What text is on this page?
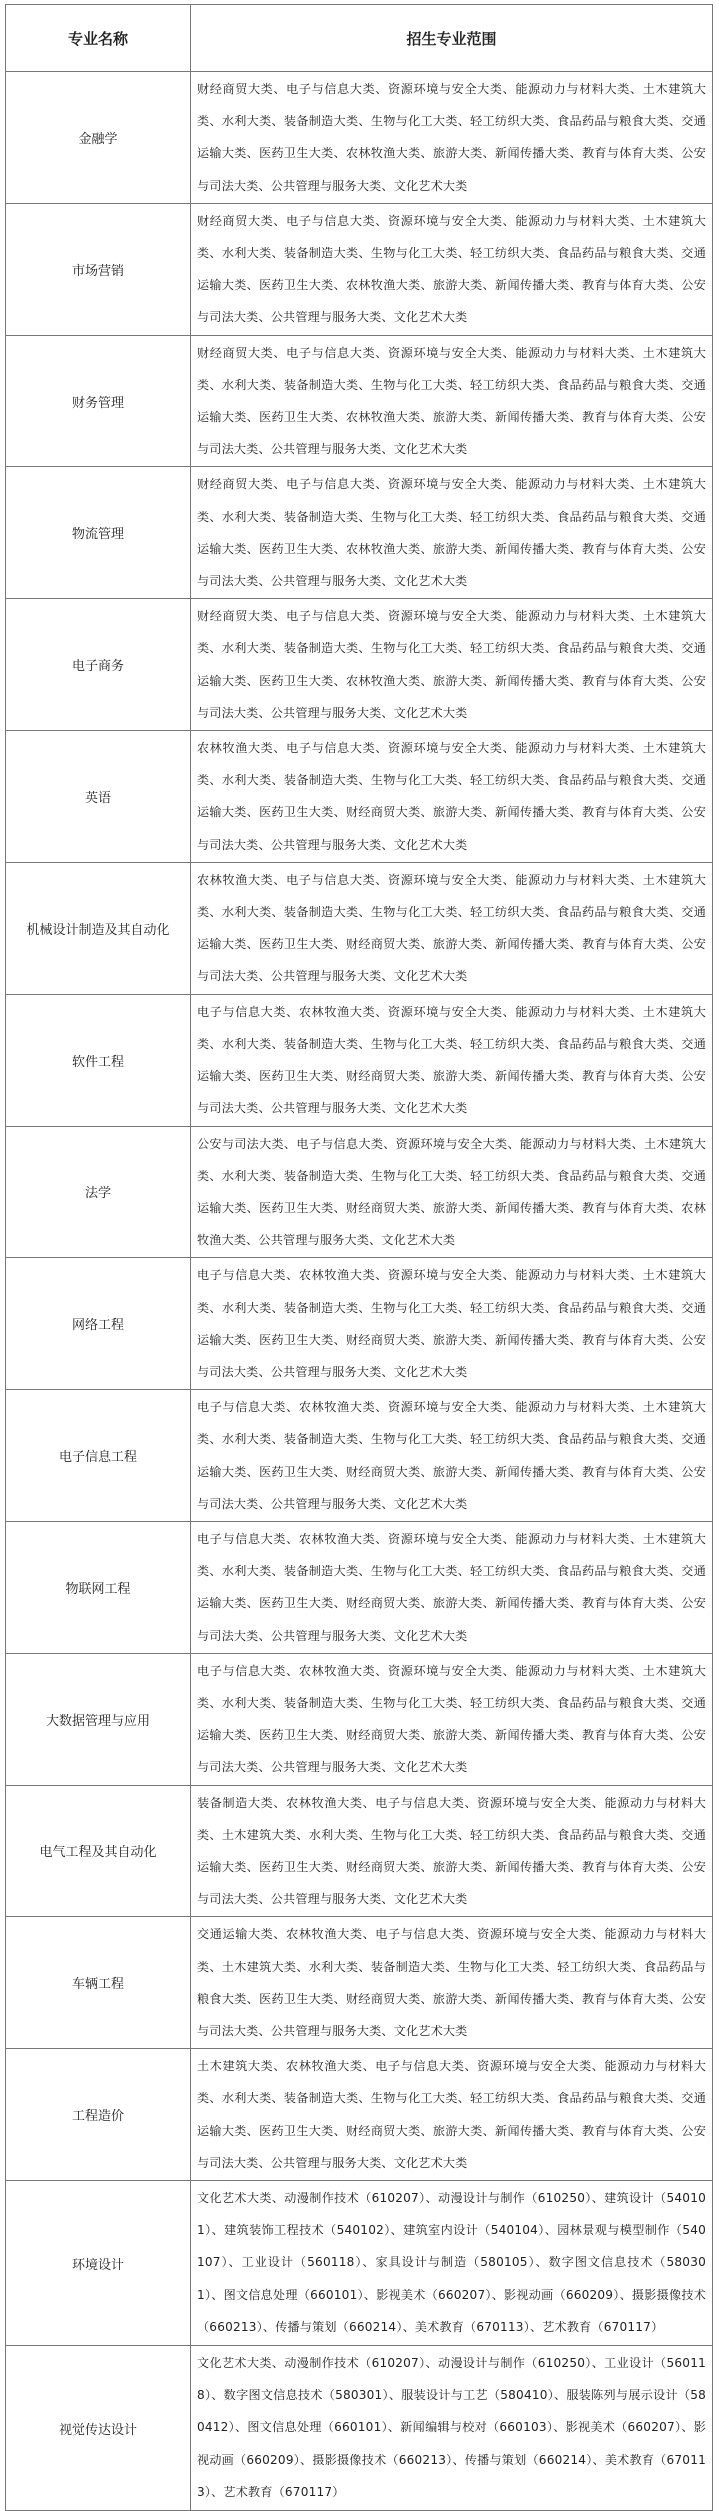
专业名称	招生专业范围
金融学	财经商贸大类、电子与信息大类、资源环境与安全大类、能源动力与材料大类、土木建筑大类、水利大类、装备制造大类、生物与化工大类、轻工纺织大类、食品药品与粮食大类、交通运输大类、医药卫生大类、农林牧渔大类、旅游大类、新闻传播大类、教育与体育大类、公安与司法大类、公共管理与服务大类、文化艺术大类
市场营销	财经商贸大类、电子与信息大类、资源环境与安全大类、能源动力与材料大类、土木建筑大类、水利大类、装备制造大类、生物与化工大类、轻工纺织大类、食品药品与粮食大类、交通运输大类、医药卫生大类、农林牧渔大类、旅游大类、新闻传播大类、教育与体育大类、公安与司法大类、公共管理与服务大类、文化艺术大类
财务管理	财经商贸大类、电子与信息大类、资源环境与安全大类、能源动力与材料大类、土木建筑大类、水利大类、装备制造大类、生物与化工大类、轻工纺织大类、食品药品与粮食大类、交通运输大类、医药卫生大类、农林牧渔大类、旅游大类、新闻传播大类、教育与体育大类、公安与司法大类、公共管理与服务大类、文化艺术大类
物流管理	财经商贸大类、电子与信息大类、资源环境与安全大类、能源动力与材料大类、土木建筑大类、水利大类、装备制造大类、生物与化工大类、轻工纺织大类、食品药品与粮食大类、交通运输大类、医药卫生大类、农林牧渔大类、旅游大类、新闻传播大类、教育与体育大类、公安与司法大类、公共管理与服务大类、文化艺术大类
电子商务	财经商贸大类、电子与信息大类、资源环境与安全大类、能源动力与材料大类、土木建筑大类、水利大类、装备制造大类、生物与化工大类、轻工纺织大类、食品药品与粮食大类、交通运输大类、医药卫生大类、农林牧渔大类、旅游大类、新闻传播大类、教育与体育大类、公安与司法大类、公共管理与服务大类、文化艺术大类
英语	农林牧渔大类、电子与信息大类、资源环境与安全大类、能源动力与材料大类、土木建筑大类、水利大类、装备制造大类、生物与化工大类、轻工纺织大类、食品药品与粮食大类、交通运输大类、医药卫生大类、财经商贸大类、旅游大类、新闻传播大类、教育与体育大类、公安与司法大类、公共管理与服务大类、文化艺术大类
机械设计制造及其自动化	农林牧渔大类、电子与信息大类、资源环境与安全大类、能源动力与材料大类、土木建筑大类、水利大类、装备制造大类、生物与化工大类、轻工纺织大类、食品药品与粮食大类、交通运输大类、医药卫生大类、财经商贸大类、旅游大类、新闻传播大类、教育与体育大类、公安与司法大类、公共管理与服务大类、文化艺术大类
软件工程	电子与信息大类、农林牧渔大类、资源环境与安全大类、能源动力与材料大类、土木建筑大类、水利大类、装备制造大类、生物与化工大类、轻工纺织大类、食品药品与粮食大类、交通运输大类、医药卫生大类、财经商贸大类、旅游大类、新闻传播大类、教育与体育大类、公安与司法大类、公共管理与服务大类、文化艺术大类
法学	公安与司法大类、电子与信息大类、资源环境与安全大类、能源动力与材料大类、土木建筑大类、水利大类、装备制造大类、生物与化工大类、轻工纺织大类、食品药品与粮食大类、交通运输大类、医药卫生大类、财经商贸大类、旅游大类、新闻传播大类、教育与体育大类、农林牧渔大类、公共管理与服务大类、文化艺术大类
网络工程	电子与信息大类、农林牧渔大类、资源环境与安全大类、能源动力与材料大类、土木建筑大类、水利大类、装备制造大类、生物与化工大类、轻工纺织大类、食品药品与粮食大类、交通运输大类、医药卫生大类、财经商贸大类、旅游大类、新闻传播大类、教育与体育大类、公安与司法大类、公共管理与服务大类、文化艺术大类
电子信息工程	电子与信息大类、农林牧渔大类、资源环境与安全大类、能源动力与材料大类、土木建筑大类、水利大类、装备制造大类、生物与化工大类、轻工纺织大类、食品药品与粮食大类、交通运输大类、医药卫生大类、财经商贸大类、旅游大类、新闻传播大类、教育与体育大类、公安与司法大类、公共管理与服务大类、文化艺术大类
物联网工程	电子与信息大类、农林牧渔大类、资源环境与安全大类、能源动力与材料大类、土木建筑大类、水利大类、装备制造大类、生物与化工大类、轻工纺织大类、食品药品与粮食大类、交通运输大类、医药卫生大类、财经商贸大类、旅游大类、新闻传播大类、教育与体育大类、公安与司法大类、公共管理与服务大类、文化艺术大类
大数据管理与应用	电子与信息大类、农林牧渔大类、资源环境与安全大类、能源动力与材料大类、土木建筑大类、水利大类、装备制造大类、生物与化工大类、轻工纺织大类、食品药品与粮食大类、交通运输大类、医药卫生大类、财经商贸大类、旅游大类、新闻传播大类、教育与体育大类、公安与司法大类、公共管理与服务大类、文化艺术大类
电气工程及其自动化	装备制造大类、农林牧渔大类、电子与信息大类、资源环境与安全大类、能源动力与材料大类、土木建筑大类、水利大类、生物与化工大类、轻工纺织大类、食品药品与粮食大类、交通运输大类、医药卫生大类、财经商贸大类、旅游大类、新闻传播大类、教育与体育大类、公安与司法大类、公共管理与服务大类、文化艺术大类
车辆工程	交通运输大类、农林牧渔大类、电子与信息大类、资源环境与安全大类、能源动力与材料大类、土木建筑大类、水利大类、装备制造大类、生物与化工大类、轻工纺织大类、食品药品与粮食大类、医药卫生大类、财经商贸大类、旅游大类、新闻传播大类、教育与体育大类、公安与司法大类、公共管理与服务大类、文化艺术大类
工程造价	土木建筑大类、农林牧渔大类、电子与信息大类、资源环境与安全大类、能源动力与材料大类、水利大类、装备制造大类、生物与化工大类、轻工纺织大类、食品药品与粮食大类、交通运输大类、医药卫生大类、财经商贸大类、旅游大类、新闻传播大类、教育与体育大类、公安与司法大类、公共管理与服务大类、文化艺术大类
环境设计	文化艺术大类、动漫制作技术（610207）、动漫设计与制作（610250）、建筑设计（540101）、建筑装饰工程技术（540102）、建筑室内设计（540104）、园林景观与模型制作（540107）、工业设计（560118）、家具设计与制造（580105）、数字图文信息技术（580301）、图文信息处理（660101）、影视美术（660207）、影视动画（660209）、摄影摄像技术（660213）、传播与策划（660214）、美术教育（670113）、艺术教育（670117）
视觉传达设计	文化艺术大类、动漫制作技术（610207）、动漫设计与制作（610250）、工业设计（560118）、数字图文信息技术（580301）、服装设计与工艺（580410）、服装陈列与展示设计（580412）、图文信息处理（660101）、新闻编辑与校对（660103）、影视美术（660207）、影视动画（660209）、摄影摄像技术（660213）、传播与策划（660214）、美术教育（670113）、艺术教育（670117）
